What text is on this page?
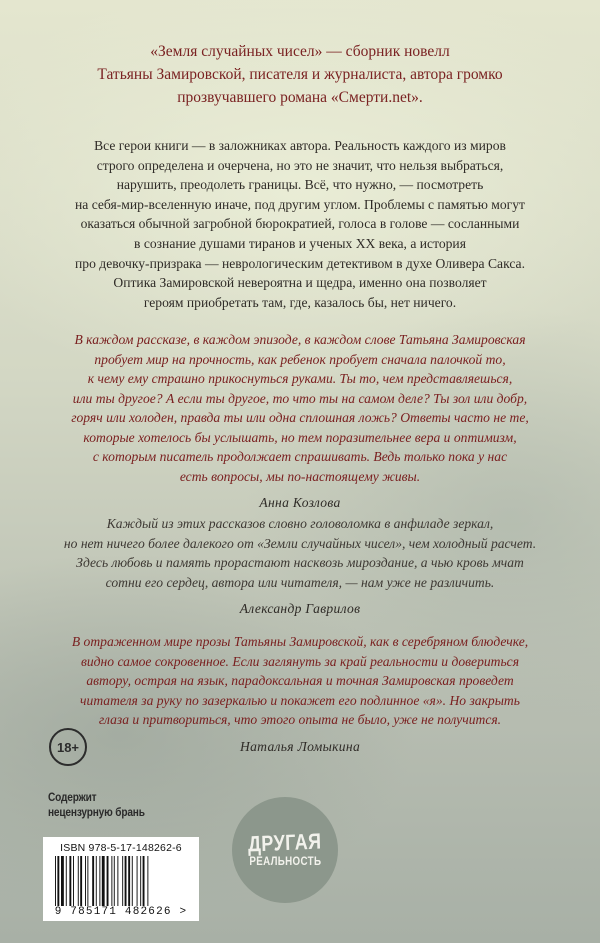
«Земля случайных чисел» — сборник новелл
Татьяны Замировской, писателя и журналиста, автора громко
прозвучавшего романа «Смерти.net».
Все герои книги — в заложниках автора. Реальность каждого из миров
строго определена и очерчена, но это не значит, что нельзя выбраться,
нарушить, преодолеть границы. Всё, что нужно, — посмотреть
на себя-мир-вселенную иначе, под другим углом. Проблемы с памятью могут
оказаться обычной загробной бюрократией, голоса в голове — сосланными
в сознание душами тиранов и ученых XX века, а история
про девочку-призрака — неврологическим детективом в духе Оливера Сакса.
Оптика Замировской невероятна и щедра, именно она позволяет
героям приобретать там, где, казалось бы, нет ничего.
В каждом рассказе, в каждом эпизоде, в каждом слове Татьяна Замировская
пробует мир на прочность, как ребенок пробует сначала палочкой то,
к чему ему страшно прикоснуться руками. Ты то, чем представляешься,
или ты другое? А если ты другое, то что ты на самом деле? Ты зол или добр,
горяч или холоден, правда ты или одна сплошная ложь? Ответы часто не те,
которые хотелось бы услышать, но тем поразительнее вера и оптимизм,
с которым писатель продолжает спрашивать. Ведь только пока у нас
есть вопросы, мы по-настоящему живы.
Анна Козлова
Каждый из этих рассказов словно головоломка в анфиладе зеркал,
но нет ничего более далекого от «Земли случайных чисел», чем холодный расчет.
Здесь любовь и память прорастают насквозь мироздание, а чью кровь мчат
сотни его сердец, автора или читателя, — нам уже не различить.
Александр Гаврилов
В отраженном мире прозы Татьяны Замировской, как в серебряном блюдечке,
видно самое сокровенное. Если заглянуть за край реальности и довериться
автору, острая на язык, парадоксальная и точная Замировская проведет
читателя за руку по зазеркалью и покажет его подлинное «я». Но закрыть
глаза и притвориться, что этого опыта не было, уже не получится.
Наталья Ломыкина
18+
Содержит
нецензурную брань
ISBN 978-5-17-148262-6
9 785171 482626 >
ДРУГАЯ
РЕАЛЬНОСТЬ
